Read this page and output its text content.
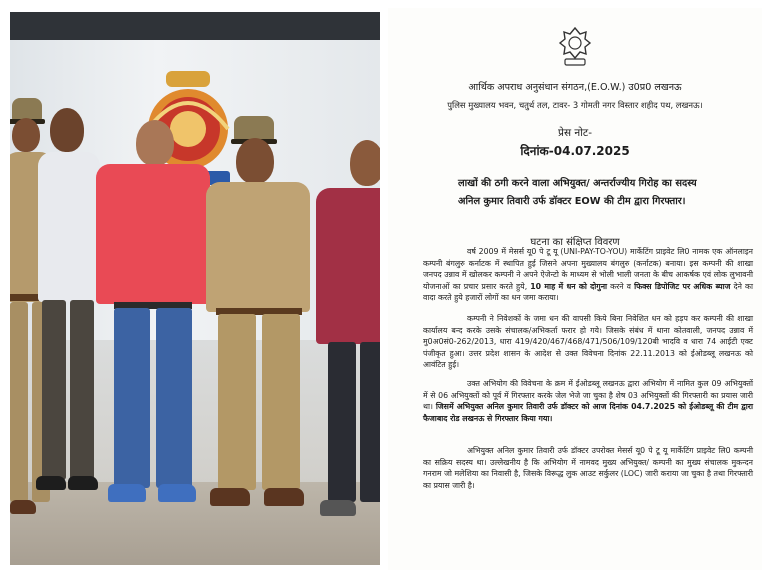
आर्थिक अपराध अनुसंधान संगठन,(E.O.W.) उ0प्र0 लखनऊ
पुलिस मुख्यालय भवन, चतुर्थ तल, टावर- 3 गोमती नगर विस्तार शहीद पथ, लखनऊ।
प्रेस नोट-
दिनांक-04.07.2025
लाखों की ठगी करने वाला अभियुक्त/ अन्तर्राज्यीय गिरोह का सदस्य
अनिल कुमार तिवारी उर्फ डॉक्टर EOW की टीम द्वारा गिरफ्तार।
घटना का संक्षिप्त विवरण
वर्ष 2009 में मेसर्स यू0 पे टू यू (UNI-PAY-TO-YOU) मार्केटिंग प्राइवेट लि0 नामक एक ऑनलाइन कम्पनी बंगलुरु कर्नाटक में स्थापित हुई जिसने अपना मुख्यालय बंगलुरु (कर्नाटक) बनाया। इस कम्पनी की शाखा जनपद उन्नाव में खोलकर कम्पनी ने अपने ऐजेन्टो के माध्यम से भोली भाली जनता के बीच आकर्षक एवं लोक लुभावनी योजनाओं का प्रचार प्रसार करते हुये, 10 माह में धन को दोगुना करने व फिक्स डिपोजिट पर अधिक ब्याज देने का वादा करते हुये हजारों लोगों का धन जमा कराया।
कम्पनी ने निवेशकों के जमा धन की वापसी किये बिना निवेशित धन को हड़प कर कम्पनी की शाखा कार्यालय बन्द करके उसके संचालक/अभिकर्ता फरार हो गये। जिसके संबंध में थाना कोतवाली, जनपद उन्नाव में मु0अ0सं0-262/2013, धारा 419/420/467/468/471/506/109/120बी भादवि व धारा 74 आईटी एक्ट पंजीकृत हुआ। उत्तर प्रदेश शासन के आदेश से उक्त विवेचना दिनांक 22.11.2013 को ईओडब्लू लखनऊ को आवंटित हुई।
उक्त अभियोग की विवेचना के क्रम में ईओडब्लू लखनऊ द्वारा अभियोग में नामित कुल 09 अभियुक्तों में से 06 अभियुक्तों को पूर्व में गिरफ्तार करके जेल भेजे जा चुका है शेष 03 अभियुक्तों की गिरफ्तारी का प्रयास जारी था। जिसमें अभियुक्त अनिल कुमार तिवारी उर्फ डॉक्टर को आज दिनांक 04.7.2025 को ईओडब्लू की टीम द्वारा फैजाबाद रोड लखनऊ से गिरफ्तार किया गया।
अभियुक्त अनिल कुमार तिवारी उर्फ डॉक्टर उपरोक्त मेसर्स यू0 पे टू यू मार्केटिंग प्राइवेट लि0 कम्पनी का सक्रिय सदस्य था। उल्लेखनीय है कि अभियोग में नामवद मुख्य अभियुक्त/ कम्पनी का मुख्य संचालक मुकन्दन गनराम जो मलेशिया का निवासी है, जिसके विरूद्ध लुक आउट सर्कुलर (LOC) जारी कराया जा चुका है तथा गिरफ्तारी का प्रयास जारी है।
